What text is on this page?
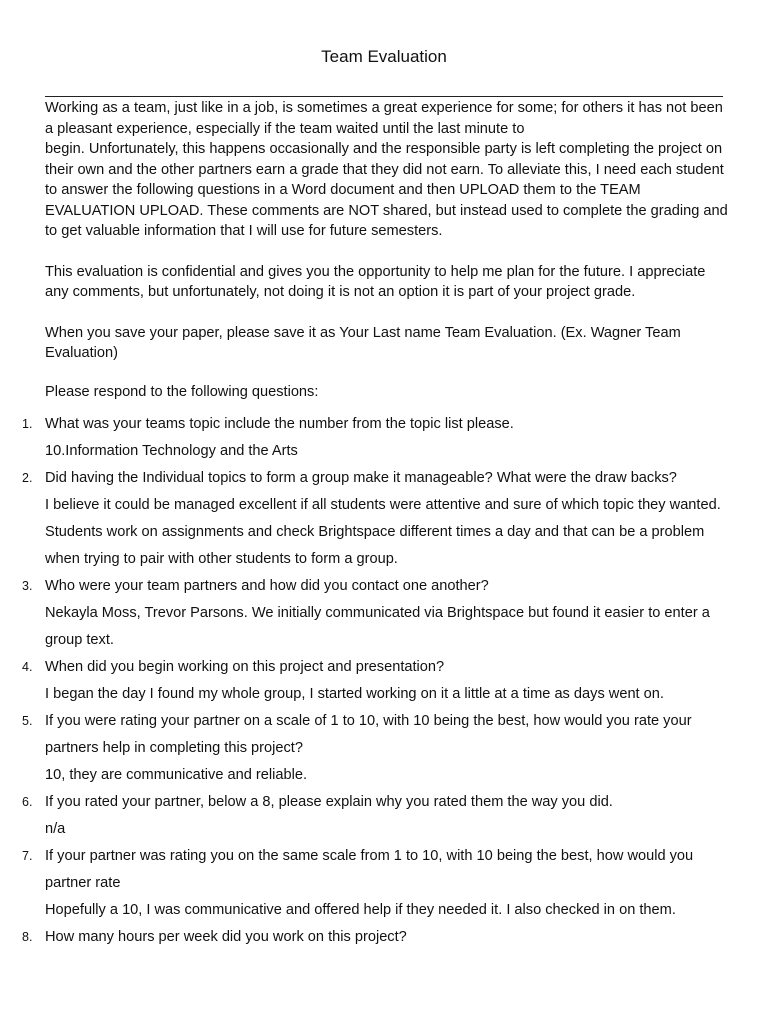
Team Evaluation

Working as a team, just like in a job, is sometimes a great experience for some; for others it has not been a pleasant experience, especially if the team waited until the last minute to
begin. Unfortunately, this happens occasionally and the responsible party is left completing the project on their own and the other partners earn a grade that they did not earn. To alleviate this, I need each student to answer the following questions in a Word document and then UPLOAD them to the TEAM EVALUATION UPLOAD. These comments are NOT shared, but instead used to complete the grading and to get valuable information that I will use for future semesters.

This evaluation is confidential and gives you the opportunity to help me plan for the future. I appreciate any comments, but unfortunately, not doing it is not an option it is part of your project grade.

When you save your paper, please save it as Your Last name Team Evaluation. (Ex. Wagner Team Evaluation)

Please respond to the following questions:

1. What was your teams topic include the number from the topic list please.
10.Information Technology and the Arts
2. Did having the Individual topics to form a group make it manageable? What were the draw backs?
I believe it could be managed excellent if all students were attentive and sure of which topic they wanted. Students work on assignments and check Brightspace different times a day and that can be a problem when trying to pair with other students to form a group.
3. Who were your team partners and how did you contact one another?
Nekayla Moss, Trevor Parsons. We initially communicated via Brightspace but found it easier to enter a group text.
4. When did you begin working on this project and presentation?
I began the day I found my whole group, I started working on it a little at a time as days went on.
5. If you were rating your partner on a scale of 1 to 10, with 10 being the best, how would you rate your partners help in completing this project?
10, they are communicative and reliable.
6. If you rated your partner, below a 8, please explain why you rated them the way you did.
n/a
7. If your partner was rating you on the same scale from 1 to 10, with 10 being the best, how would you partner rate
Hopefully a 10, I was communicative and offered help if they needed it. I also checked in on them.
8. How many hours per week did you work on this project?
